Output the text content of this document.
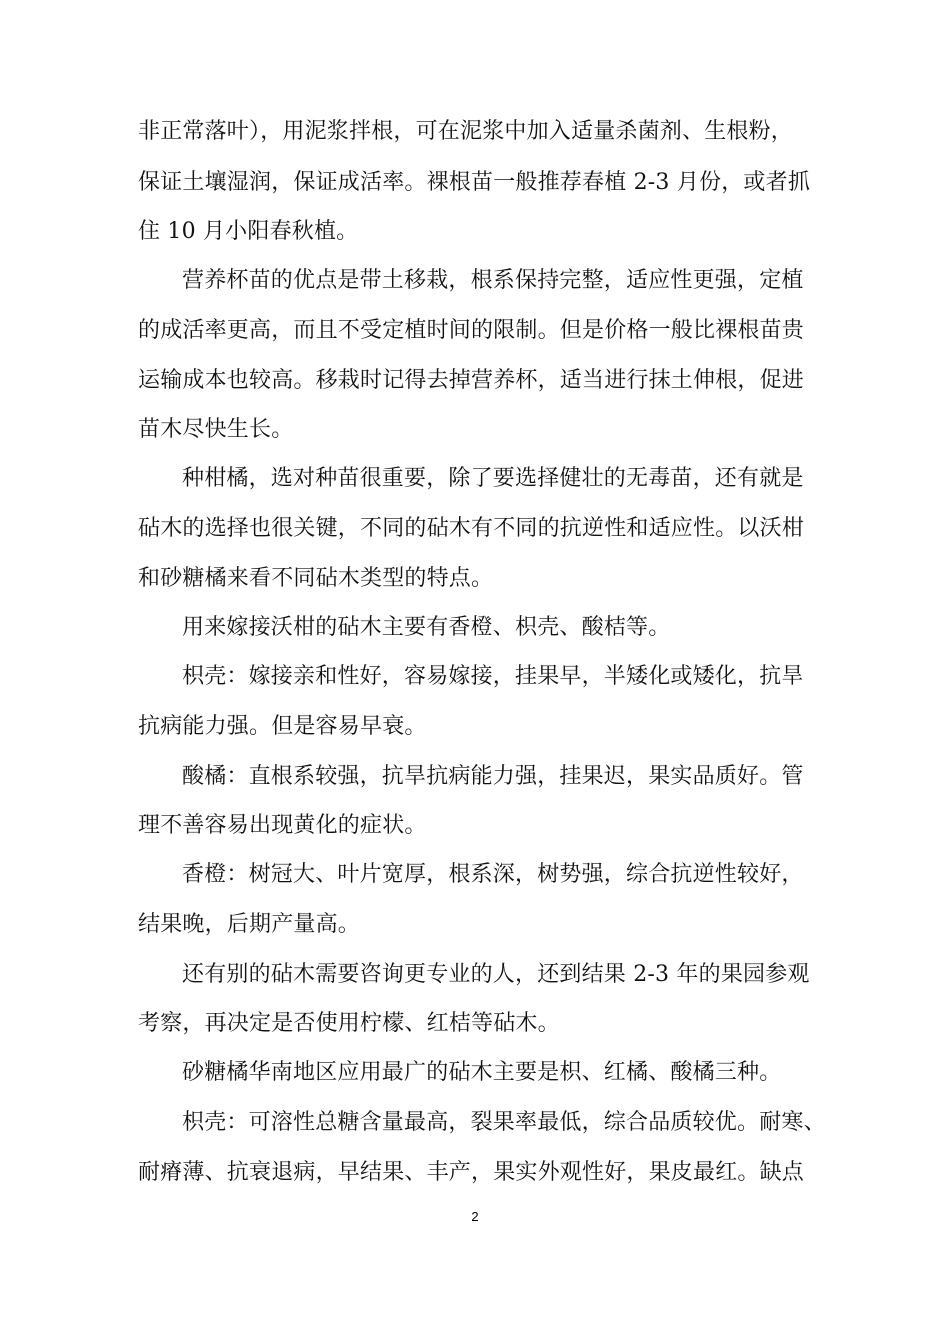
非正常落叶），用泥浆拌根，可在泥浆中加入适量杀菌剂、生根粉，
保证土壤湿润，保证成活率。裸根苗一般推荐春植 2-3 月份，或者抓
住 10 月小阳春秋植。
营养杯苗的优点是带土移栽，根系保持完整，适应性更强，定植
的成活率更高，而且不受定植时间的限制。但是价格一般比裸根苗贵
运输成本也较高。移栽时记得去掉营养杯，适当进行抹土伸根，促进
苗木尽快生长。
种柑橘，选对种苗很重要，除了要选择健壮的无毒苗，还有就是
砧木的选择也很关键，不同的砧木有不同的抗逆性和适应性。以沃柑
和砂糖橘来看不同砧木类型的特点。
用来嫁接沃柑的砧木主要有香橙、枳壳、酸桔等。
枳壳：嫁接亲和性好，容易嫁接，挂果早，半矮化或矮化，抗旱
抗病能力强。但是容易早衰。
酸橘：直根系较强，抗旱抗病能力强，挂果迟，果实品质好。管
理不善容易出现黄化的症状。
香橙：树冠大、叶片宽厚，根系深，树势强，综合抗逆性较好，
结果晚，后期产量高。
还有别的砧木需要咨询更专业的人，还到结果 2-3 年的果园参观
考察，再决定是否使用柠檬、红桔等砧木。
砂糖橘华南地区应用最广的砧木主要是枳、红橘、酸橘三种。
枳壳：可溶性总糖含量最高，裂果率最低，综合品质较优。耐寒、
耐瘠薄、抗衰退病，早结果、丰产，果实外观性好，果皮最红。缺点
2
